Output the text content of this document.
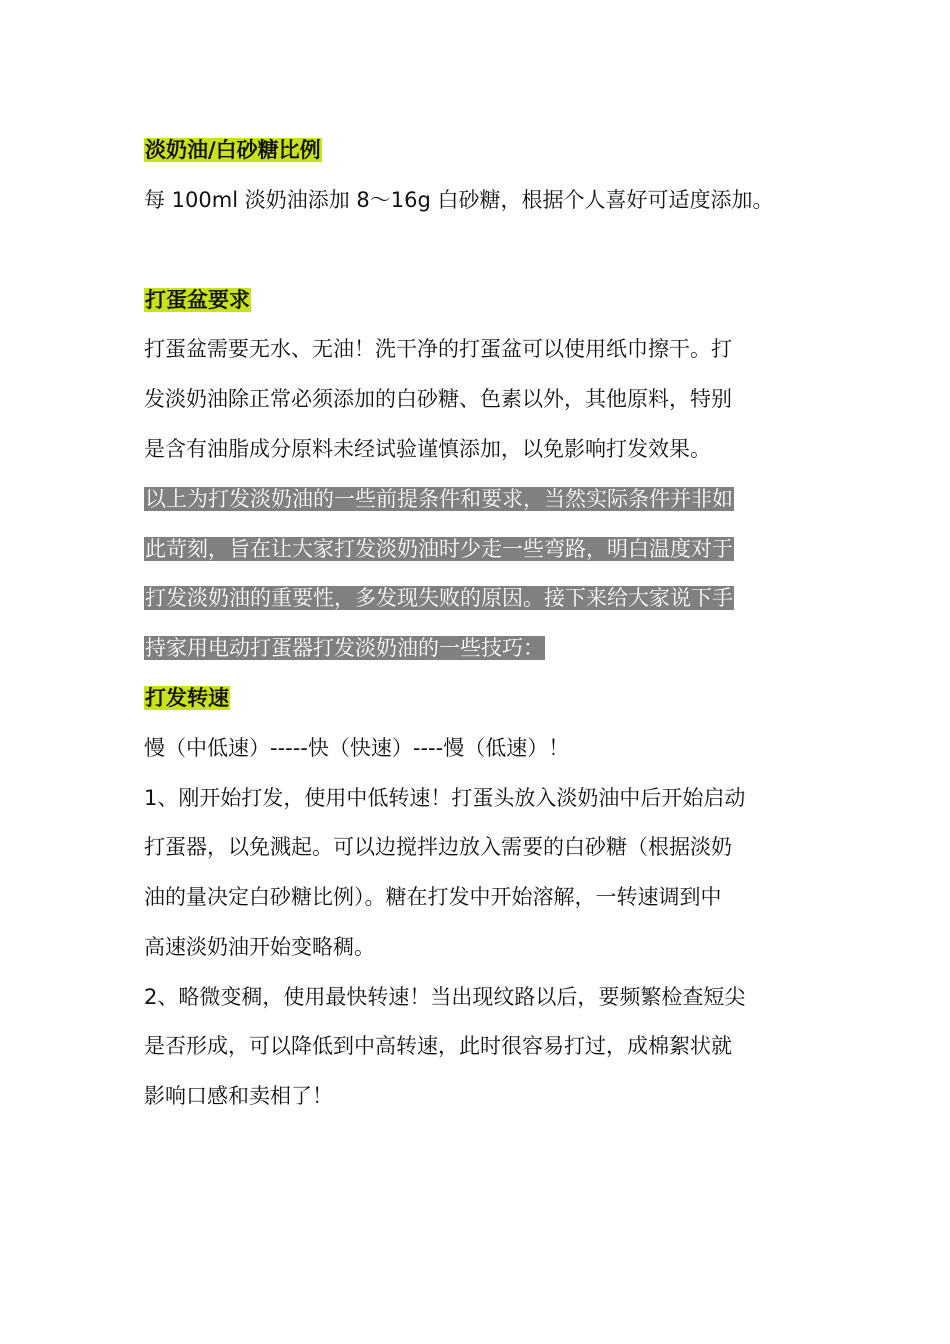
淡奶油/白砂糖比例
每 100ml 淡奶油添加 8～16g 白砂糖，根据个人喜好可适度添加。
打蛋盆要求
打蛋盆需要无水、无油！洗干净的打蛋盆可以使用纸巾擦干。打
发淡奶油除正常必须添加的白砂糖、色素以外，其他原料，特别
是含有油脂成分原料未经试验谨慎添加，以免影响打发效果。
以上为打发淡奶油的一些前提条件和要求，当然实际条件并非如
此苛刻，旨在让大家打发淡奶油时少走一些弯路，明白温度对于
打发淡奶油的重要性，多发现失败的原因。接下来给大家说下手
持家用电动打蛋器打发淡奶油的一些技巧：
打发转速
慢（中低速）-----快（快速）----慢（低速）！
1、刚开始打发，使用中低转速！打蛋头放入淡奶油中后开始启动
打蛋器，以免溅起。可以边搅拌边放入需要的白砂糖（根据淡奶
油的量决定白砂糖比例）。糖在打发中开始溶解，一转速调到中
高速淡奶油开始变略稠。
2、略微变稠，使用最快转速！当出现纹路以后，要频繁检查短尖
是否形成，可以降低到中高转速，此时很容易打过，成棉絮状就
影响口感和卖相了！
